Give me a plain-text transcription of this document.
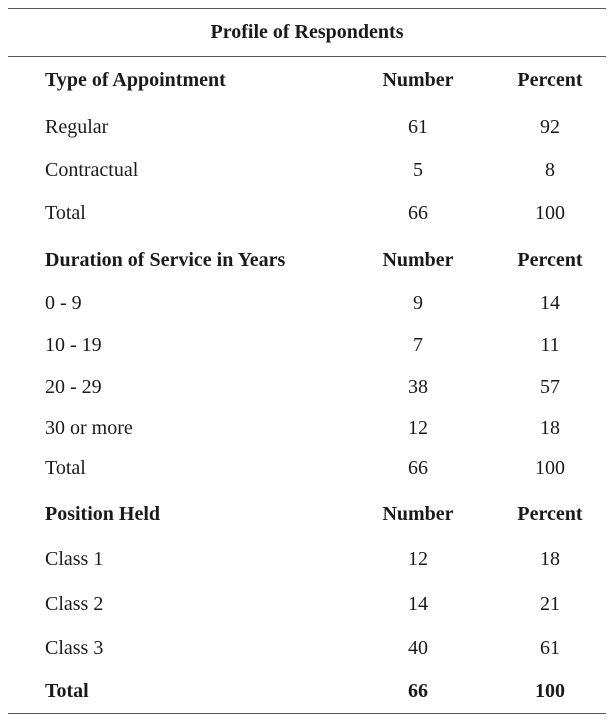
Profile of Respondents
Type of Appointment	Number	Percent
Regular	61	92
Contractual	5	8
Total	66	100
Duration of Service in Years	Number	Percent
0 - 9	9	14
10 - 19	7	11
20 - 29	38	57
30 or more	12	18
Total	66	100
Position Held	Number	Percent
Class 1	12	18
Class 2	14	21
Class 3	40	61
Total	66	100
